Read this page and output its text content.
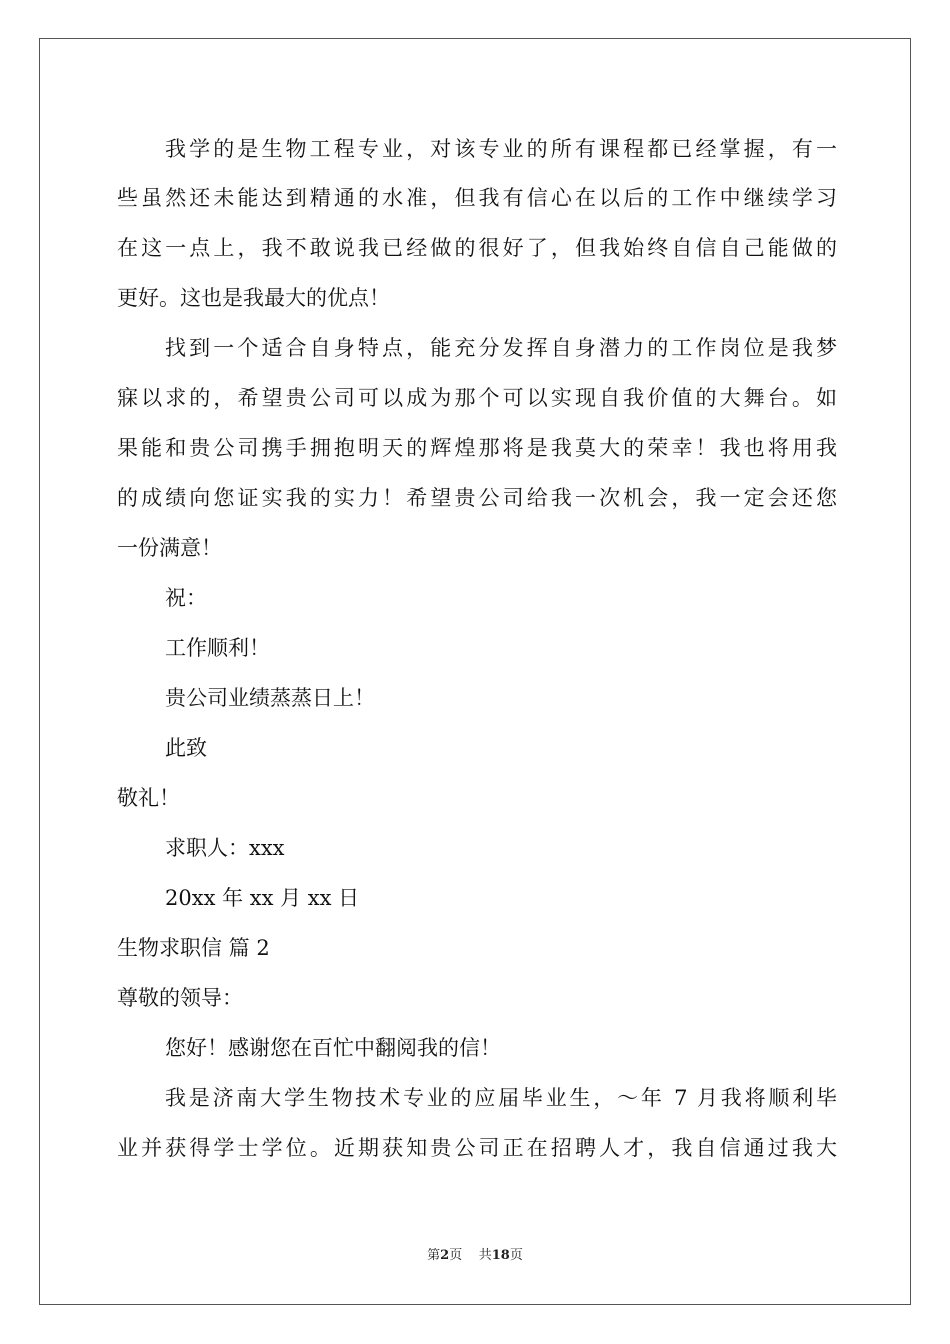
我学的是生物工程专业，对该专业的所有课程都已经掌握，有一
些虽然还未能达到精通的水准，但我有信心在以后的工作中继续学习
在这一点上，我不敢说我已经做的很好了，但我始终自信自己能做的
更好。这也是我最大的优点！
找到一个适合自身特点，能充分发挥自身潜力的工作岗位是我梦
寐以求的，希望贵公司可以成为那个可以实现自我价值的大舞台。如
果能和贵公司携手拥抱明天的辉煌那将是我莫大的荣幸！我也将用我
的成绩向您证实我的实力！希望贵公司给我一次机会，我一定会还您
一份满意！
祝：
工作顺利！
贵公司业绩蒸蒸日上！
此致
敬礼！
求职人：xxx
20xx 年 xx 月 xx 日
生物求职信 篇 2
尊敬的领导：
您好！感谢您在百忙中翻阅我的信！
我是济南大学生物技术专业的应届毕业生，～年 7 月我将顺利毕
业并获得学士学位。近期获知贵公司正在招聘人才，我自信通过我大
第2页    共18页
